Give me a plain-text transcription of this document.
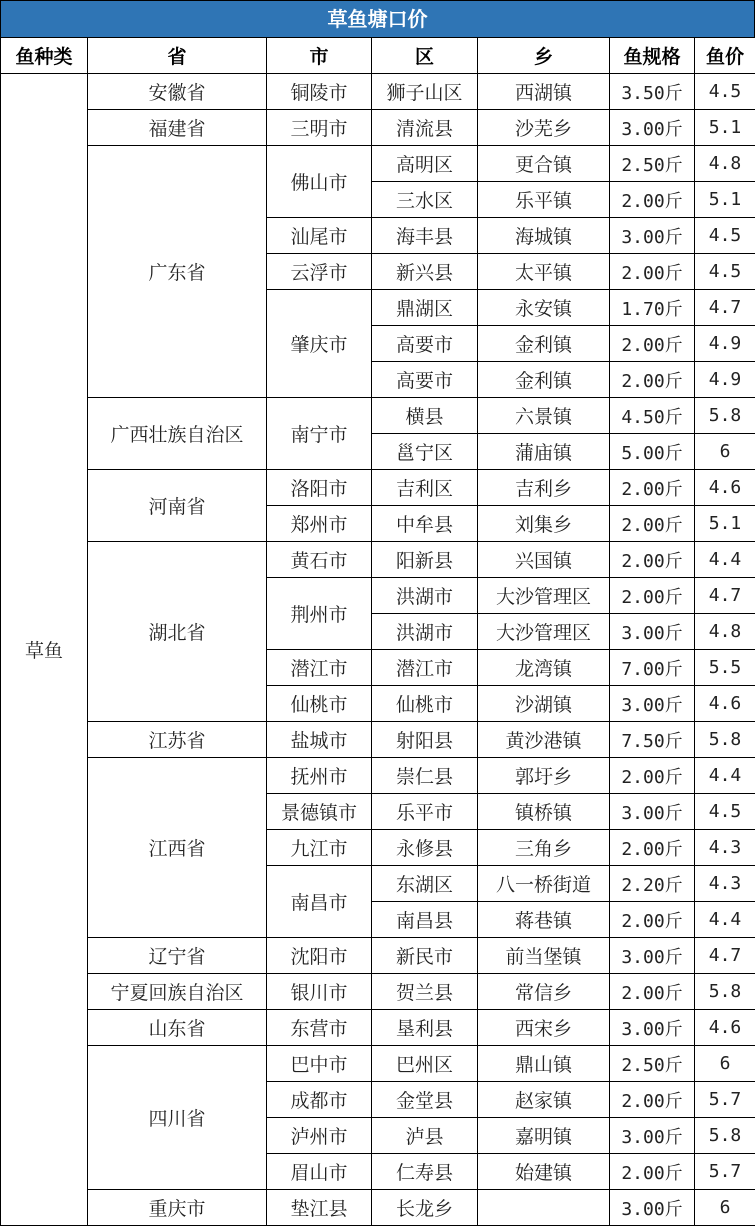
草鱼塘口价
鱼种类	省	市	区	乡	鱼规格	鱼价
草鱼	安徽省	铜陵市	狮子山区	西湖镇	3.50斤	4.5
	福建省	三明市	清流县	沙芜乡	3.00斤	5.1
	广东省	佛山市	高明区	更合镇	2.50斤	4.8
			三水区	乐平镇	2.00斤	5.1
		汕尾市	海丰县	海城镇	3.00斤	4.5
		云浮市	新兴县	太平镇	2.00斤	4.5
		肇庆市	鼎湖区	永安镇	1.70斤	4.7
			高要市	金利镇	2.00斤	4.9
			高要市	金利镇	2.00斤	4.9
	广西壮族自治区	南宁市	横县	六景镇	4.50斤	5.8
			邕宁区	蒲庙镇	5.00斤	6
	河南省	洛阳市	吉利区	吉利乡	2.00斤	4.6
		郑州市	中牟县	刘集乡	2.00斤	5.1
	湖北省	黄石市	阳新县	兴国镇	2.00斤	4.4
		荆州市	洪湖市	大沙管理区	2.00斤	4.7
			洪湖市	大沙管理区	3.00斤	4.8
		潜江市	潜江市	龙湾镇	7.00斤	5.5
		仙桃市	仙桃市	沙湖镇	3.00斤	4.6
	江苏省	盐城市	射阳县	黄沙港镇	7.50斤	5.8
	江西省	抚州市	崇仁县	郭圩乡	2.00斤	4.4
		景德镇市	乐平市	镇桥镇	3.00斤	4.5
		九江市	永修县	三角乡	2.00斤	4.3
		南昌市	东湖区	八一桥街道	2.20斤	4.3
			南昌县	蒋巷镇	2.00斤	4.4
	辽宁省	沈阳市	新民市	前当堡镇	3.00斤	4.7
	宁夏回族自治区	银川市	贺兰县	常信乡	2.00斤	5.8
	山东省	东营市	垦利县	西宋乡	3.00斤	4.6
	四川省	巴中市	巴州区	鼎山镇	2.50斤	6
		成都市	金堂县	赵家镇	2.00斤	5.7
		泸州市	泸县	嘉明镇	3.00斤	5.8
		眉山市	仁寿县	始建镇	2.00斤	5.7
	重庆市	垫江县	长龙乡		3.00斤	6
